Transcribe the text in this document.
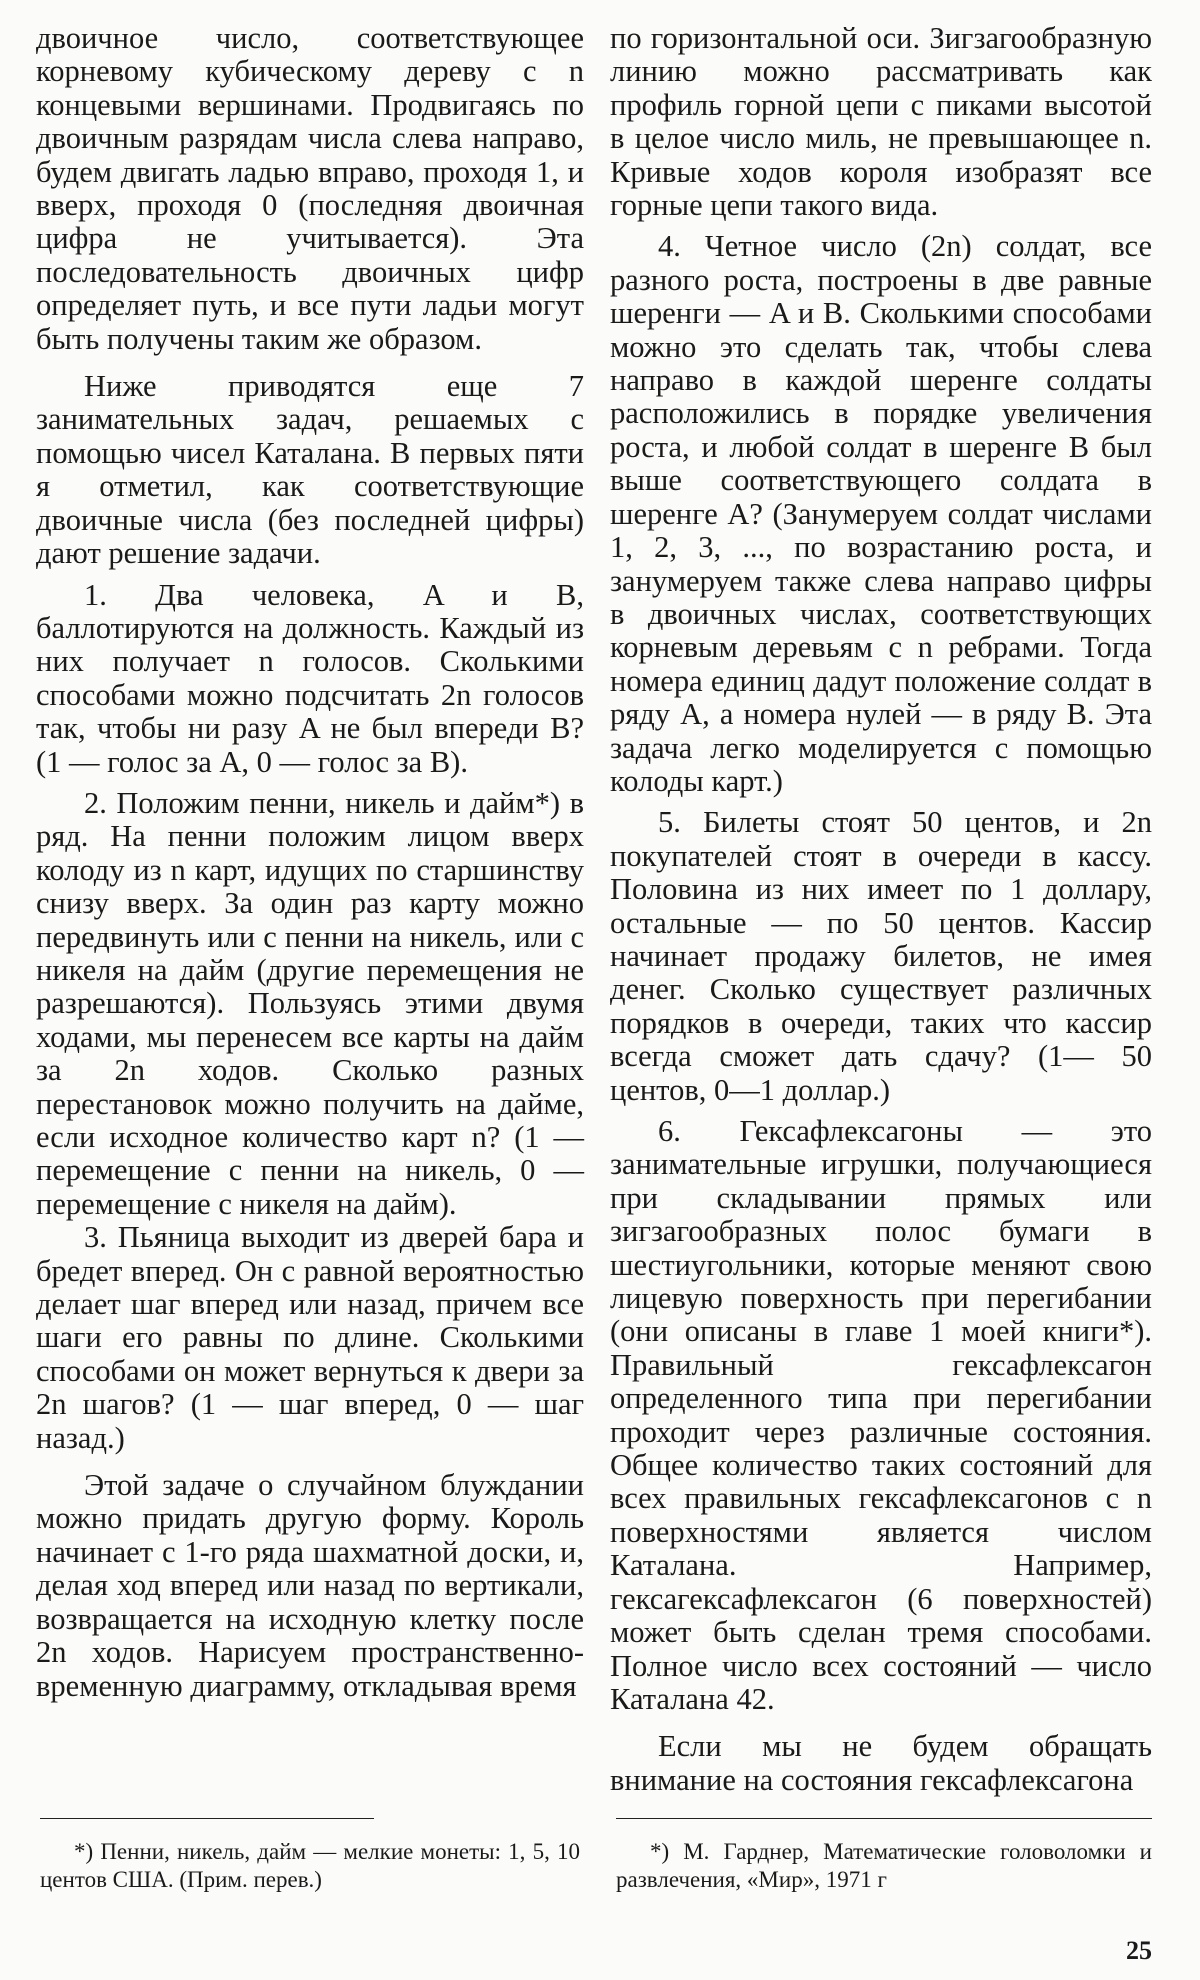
двоичное число, соответствующее корневому кубическому дереву с n концевыми вершинами. Продвигаясь по двоичным разрядам числа слева направо, будем двигать ладью вправо, проходя 1, и вверх, проходя 0 (последняя двоичная цифра не учитывается). Эта последовательность двоичных цифр определяет путь, и все пути ладьи могут быть получены таким же образом.

Ниже приводятся еще 7 занимательных задач, решаемых с помощью чисел Каталана. В первых пяти я отметил, как соответствующие двоичные числа (без последней цифры) дают решение задачи.

1. Два человека, A и B, баллотируются на должность. Каждый из них получает n голосов. Сколькими способами можно подсчитать 2n голосов так, чтобы ни разу A не был впереди B? (1 — голос за A, 0 — голос за B).

2. Положим пенни, никель и дайм*) в ряд. На пенни положим лицом вверх колоду из n карт, идущих по старшинству снизу вверх. За один раз карту можно передвинуть или с пенни на никель, или с никеля на дайм (другие перемещения не разрешаются). Пользуясь этими двумя ходами, мы перенесем все карты на дайм за 2n ходов. Сколько разных перестановок можно получить на дайме, если исходное количество карт n? (1 — перемещение с пенни на никель, 0 — перемещение с никеля на дайм).

3. Пьяница выходит из дверей бара и бредет вперед. Он с равной вероятностью делает шаг вперед или назад, причем все шаги его равны по длине. Сколькими способами он может вернуться к двери за 2n шагов? (1 — шаг вперед, 0 — шаг назад.)

Этой задаче о случайном блуждании можно придать другую форму. Король начинает с 1-го ряда шахматной доски, и, делая ход вперед или назад по вертикали, возвращается на исходную клетку после 2n ходов. Нарисуем пространственно-временную диаграмму, откладывая время

по горизонтальной оси. Зигзагообразную линию можно рассматривать как профиль горной цепи с пиками высотой в целое число миль, не превышающее n. Кривые ходов короля изобразят все горные цепи такого вида.

4. Четное число (2n) солдат, все разного роста, построены в две равные шеренги — A и B. Сколькими способами можно это сделать так, чтобы слева направо в каждой шеренге солдаты расположились в порядке увеличения роста, и любой солдат в шеренге B был выше соответствующего солдата в шеренге A? (Занумеруем солдат числами 1, 2, 3, ..., по возрастанию роста, и занумеруем также слева направо цифры в двоичных числах, соответствующих корневым деревьям с n ребрами. Тогда номера единиц дадут положение солдат в ряду A, а номера нулей — в ряду B. Эта задача легко моделируется с помощью колоды карт.)

5. Билеты стоят 50 центов, и 2n покупателей стоят в очереди в кассу. Половина из них имеет по 1 доллару, остальные — по 50 центов. Кассир начинает продажу билетов, не имея денег. Сколько существует различных порядков в очереди, таких что кассир всегда сможет дать сдачу? (1— 50 центов, 0—1 доллар.)

6. Гексафлексагоны — это занимательные игрушки, получающиеся при складывании прямых или зигзагообразных полос бумаги в шестиугольники, которые меняют свою лицевую поверхность при перегибании (они описаны в главе 1 моей книги*). Правильный гексафлексагон определенного типа при перегибании проходит через различные состояния. Общее количество таких состояний для всех правильных гексафлексагонов с n поверхностями является числом Каталана. Например, гексагексафлексагон (6 поверхностей) может быть сделан тремя способами. Полное число всех состояний — число Каталана 42.

Если мы не будем обращать внимание на состояния гексафлексагона

*) Пенни, никель, дайм — мелкие монеты: 1, 5, 10 центов США. (Прим. перев.)

*) М. Гарднер, Математические головоломки и развлечения, «Мир», 1971 г

25
